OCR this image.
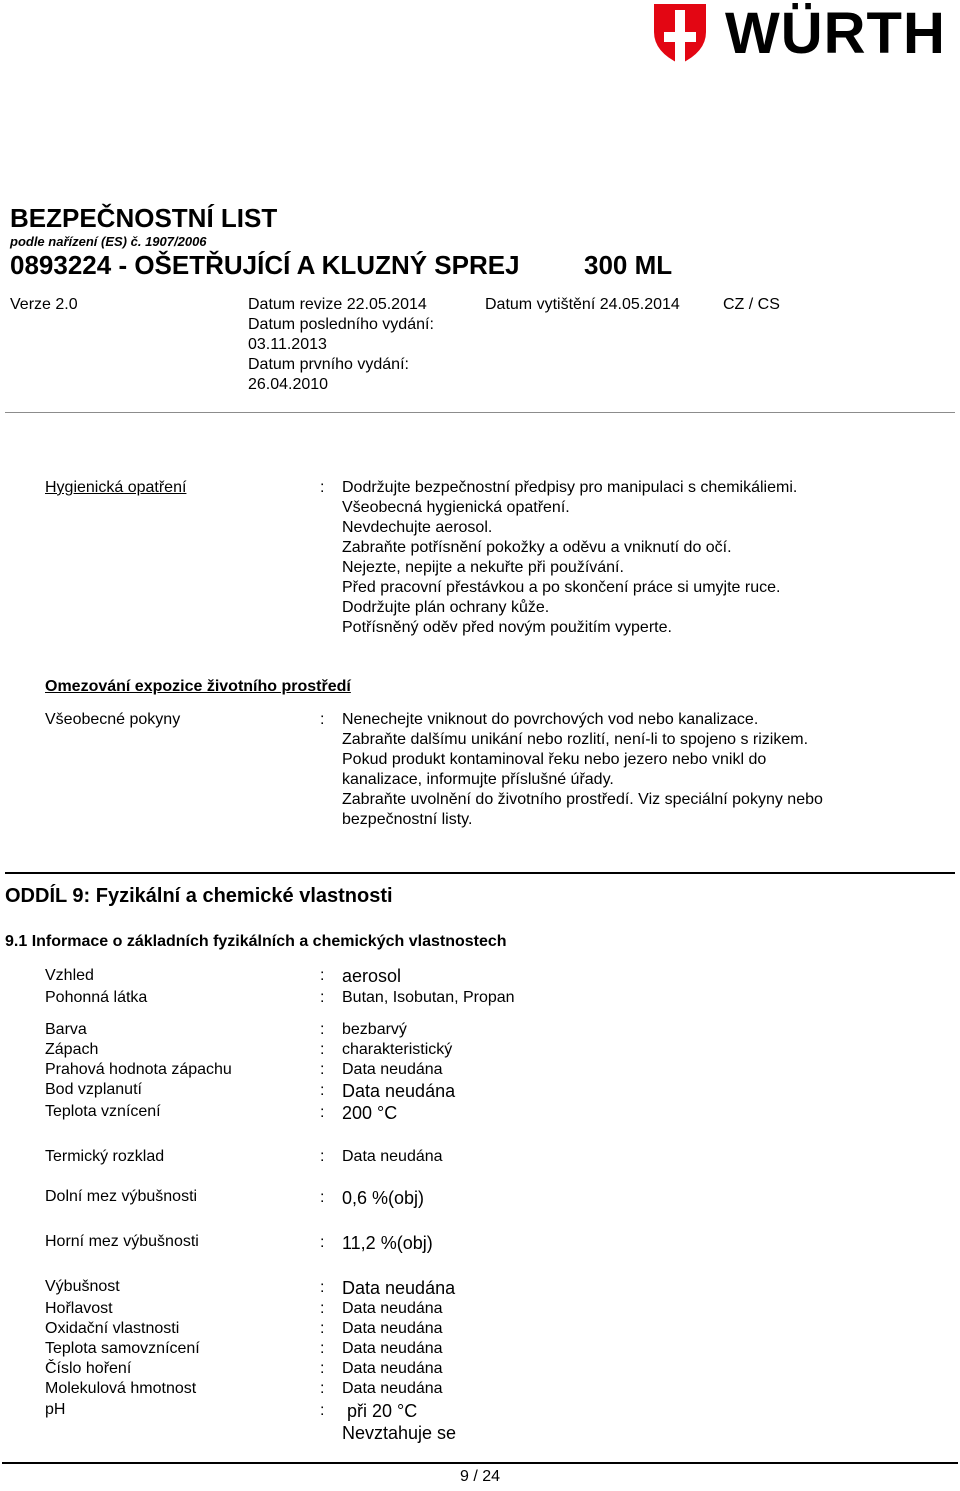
WÜRTH
BEZPEČNOSTNÍ LIST
podle nařízení (ES) č. 1907/2006
0893224 - OŠETŘUJÍCÍ A KLUZNÝ SPREJ 300 ML
Verze 2.0	Datum revize 22.05.2014
Datum posledního vydání:
03.11.2013
Datum prvního vydání:
26.04.2010
Datum vytištění 24.05.2014	CZ / CS
Hygienická opatření	: Dodržujte bezpečnostní předpisy pro manipulaci s chemikáliemi.
Všeobecná hygienická opatření.
Nevdechujte aerosol.
Zabraňte potřísnění pokožky a oděvu a vniknutí do očí.
Nejezte, nepijte a nekuřte při používání.
Před pracovní přestávkou a po skončení práce si umyjte ruce.
Dodržujte plán ochrany kůže.
Potřísněný oděv před novým použitím vyperte.
Omezování expozice životního prostředí
Všeobecné pokyny	: Nenechejte vniknout do povrchových vod nebo kanalizace.
Zabraňte dalšímu unikání nebo rozlití, není-li to spojeno s rizikem.
Pokud produkt kontaminoval řeku nebo jezero nebo vnikl do
kanalizace, informujte příslušné úřady.
Zabraňte uvolnění do životního prostředí. Viz speciální pokyny nebo
bezpečnostní listy.
ODDÍL 9: Fyzikální a chemické vlastnosti
9.1 Informace o základních fyzikálních a chemických vlastnostech
Vzhled	: aerosol
Pohonná látka	: Butan, Isobutan, Propan
Barva	: bezbarvý
Zápach	: charakteristický
Prahová hodnota zápachu	: Data neudána
Bod vzplanutí	: Data neudána
Teplota vznícení	: 200 °C
Termický rozklad	: Data neudána
Dolní mez výbušnosti	: 0,6 %(obj)
Horní mez výbušnosti	: 11,2 %(obj)
Výbušnost	: Data neudána
Hořlavost	: Data neudána
Oxidační vlastnosti	: Data neudána
Teplota samovznícení	: Data neudána
Číslo hoření	: Data neudána
Molekulová hmotnost	: Data neudána
pH	: při 20 °C
Nevztahuje se
9 / 24
